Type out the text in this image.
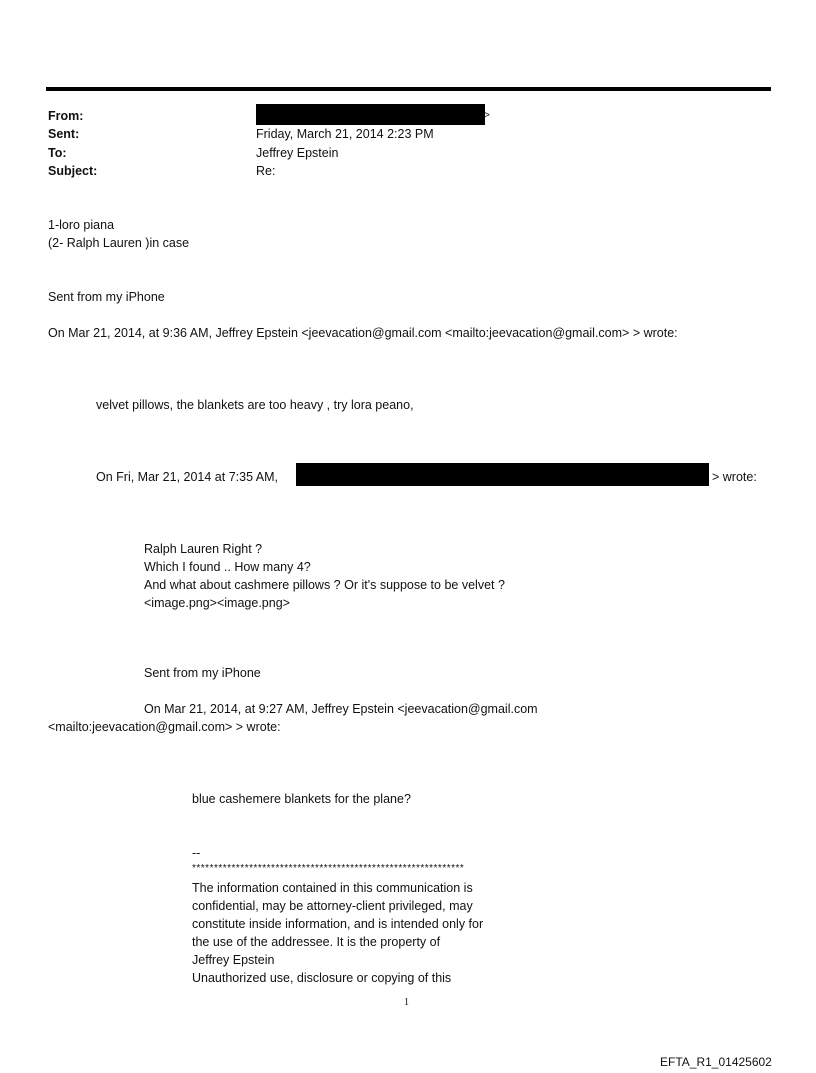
From:	>
Sent:	Friday, March 21, 2014 2:23 PM
To:	Jeffrey Epstein
Subject:	Re:
1-loro piana
(2- Ralph Lauren )in case
Sent from my iPhone
On Mar 21, 2014, at 9:36 AM, Jeffrey Epstein <jeevacation@gmail.com <mailto:jeevacation@gmail.com> > wrote:
velvet pillows, the blankets are too heavy , try lora peano,
On Fri, Mar 21, 2014 at 7:35 AM,	> wrote:
Ralph Lauren Right ?
Which I found .. How many 4?
And what about cashmere pillows ? Or it's suppose to be velvet ?
<image.png><image.png>
Sent from my iPhone
On Mar 21, 2014, at 9:27 AM, Jeffrey Epstein <jeevacation@gmail.com
<mailto:jeevacation@gmail.com> > wrote:
blue cashemere blankets for the plane?
--
**************************************************************
The information contained in this communication is
confidential, may be attorney-client privileged, may
constitute inside information, and is intended only for
the use of the addressee. It is the property of
Jeffrey Epstein
Unauthorized use, disclosure or copying of this
1
EFTA_R1_01425602
